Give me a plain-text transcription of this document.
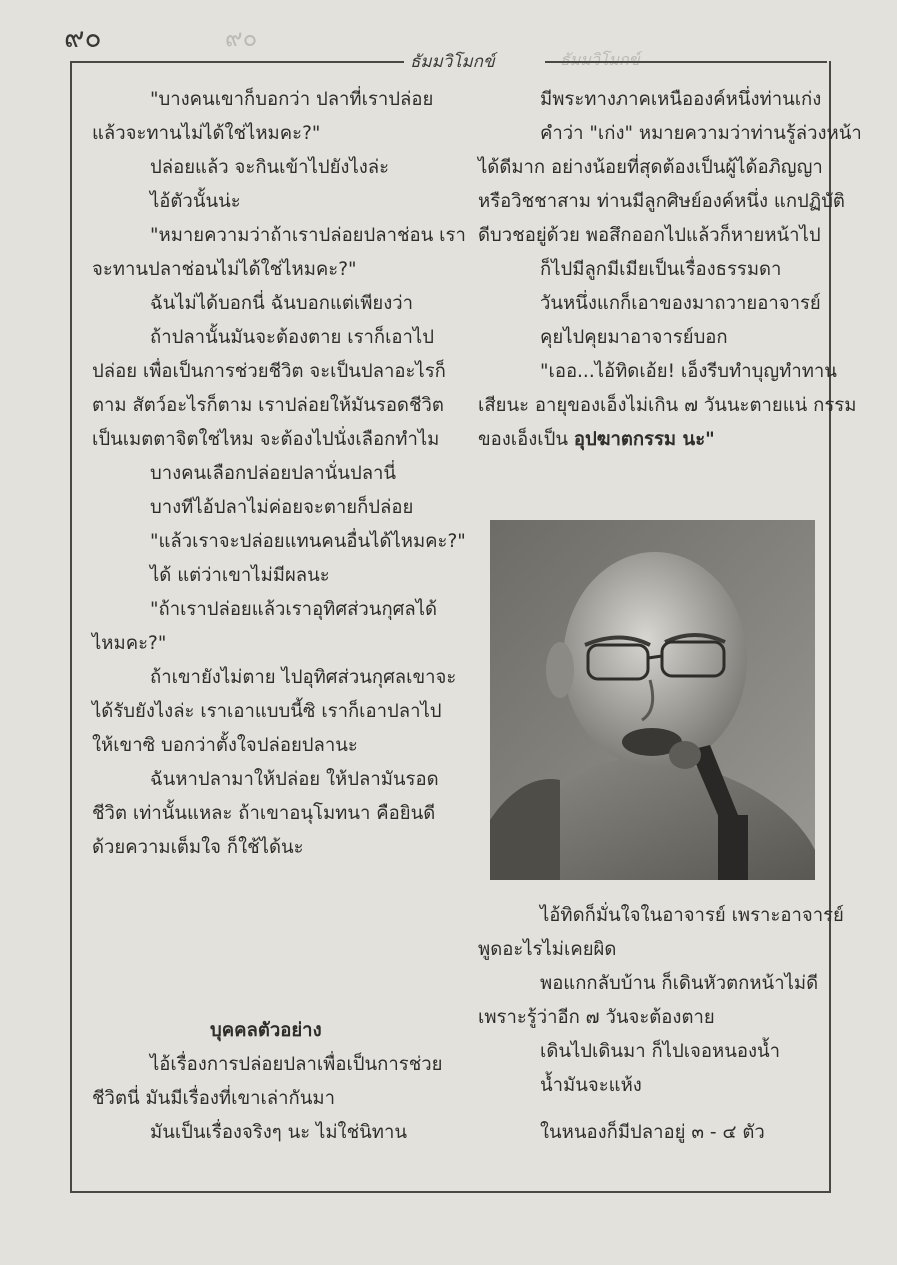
๙๐
ธัมมวิโมกข์
๙๐
ธัมมวิโมกข์
"บางคนเขาก็บอกว่า ปลาที่เราปล่อย
แล้วจะทานไม่ได้ใช่ไหมคะ?"
ปล่อยแล้ว จะกินเข้าไปยังไงล่ะ
ไอ้ตัวนั้นน่ะ
"หมายความว่าถ้าเราปล่อยปลาช่อน เรา
จะทานปลาช่อนไม่ได้ใช่ไหมคะ?"
ฉันไม่ได้บอกนี่ ฉันบอกแต่เพียงว่า
ถ้าปลานั้นมันจะต้องตาย เราก็เอาไป
ปล่อย เพื่อเป็นการช่วยชีวิต จะเป็นปลาอะไรก็
ตาม สัตว์อะไรก็ตาม เราปล่อยให้มันรอดชีวิต
เป็นเมตตาจิตใช่ไหม จะต้องไปนั่งเลือกทำไม
บางคนเลือกปล่อยปลานั่นปลานี่
บางทีไอ้ปลาไม่ค่อยจะตายก็ปล่อย
"แล้วเราจะปล่อยแทนคนอื่นได้ไหมคะ?"
ได้ แต่ว่าเขาไม่มีผลนะ
"ถ้าเราปล่อยแล้วเราอุทิศส่วนกุศลได้
ไหมคะ?"
ถ้าเขายังไม่ตาย ไปอุทิศส่วนกุศลเขาจะ
ได้รับยังไงล่ะ เราเอาแบบนี้ซิ เราก็เอาปลาไป
ให้เขาซิ บอกว่าตั้งใจปล่อยปลานะ
ฉันหาปลามาให้ปล่อย ให้ปลามันรอด
ชีวิต เท่านั้นแหละ ถ้าเขาอนุโมทนา คือยินดี
ด้วยความเต็มใจ ก็ใช้ได้นะ
บุคคลตัวอย่าง
ไอ้เรื่องการปล่อยปลาเพื่อเป็นการช่วย
ชีวิตนี่ มันมีเรื่องที่เขาเล่ากันมา
มันเป็นเรื่องจริงๆ นะ ไม่ใช่นิทาน
มีพระทางภาคเหนือองค์หนึ่งท่านเก่ง
คำว่า "เก่ง" หมายความว่าท่านรู้ล่วงหน้า
ได้ดีมาก อย่างน้อยที่สุดต้องเป็นผู้ได้อภิญญา
หรือวิชชาสาม ท่านมีลูกศิษย์องค์หนึ่ง แกปฏิบัติ
ดีบวชอยู่ด้วย พอสึกออกไปแล้วก็หายหน้าไป
ก็ไปมีลูกมีเมียเป็นเรื่องธรรมดา
วันหนึ่งแกก็เอาของมาถวายอาจารย์
คุยไปคุยมาอาจารย์บอก
"เออ...ไอ้ทิดเอ้ย! เอ็งรีบทำบุญทำทาน
เสียนะ อายุของเอ็งไม่เกิน ๗ วันนะตายแน่ กรรม
ของเอ็งเป็น อุปฆาตกรรม นะ"
ไอ้ทิดก็มั่นใจในอาจารย์ เพราะอาจารย์
พูดอะไรไม่เคยผิด
พอแกกลับบ้าน ก็เดินหัวตกหน้าไม่ดี
เพราะรู้ว่าอีก ๗ วันจะต้องตาย
เดินไปเดินมา ก็ไปเจอหนองน้ำ
น้ำมันจะแห้ง
ในหนองก็มีปลาอยู่ ๓ - ๔ ตัว
